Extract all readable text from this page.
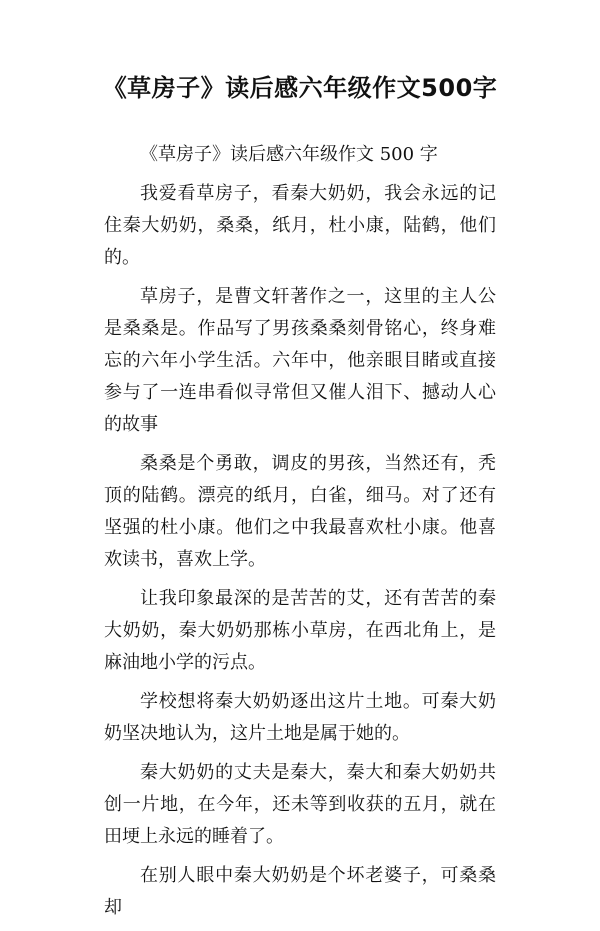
《草房子》读后感六年级作文500字

《草房子》读后感六年级作文 500 字

我爱看草房子，看秦大奶奶，我会永远的记住秦大奶奶，桑桑，纸月，杜小康，陆鹤，他们的。

草房子，是曹文轩著作之一，这里的主人公是桑桑是。作品写了男孩桑桑刻骨铭心，终身难忘的六年小学生活。六年中，他亲眼目睹或直接参与了一连串看似寻常但又催人泪下、撼动人心的故事

桑桑是个勇敢，调皮的男孩，当然还有，秃顶的陆鹤。漂亮的纸月，白雀，细马。对了还有坚强的杜小康。他们之中我最喜欢杜小康。他喜欢读书，喜欢上学。

让我印象最深的是苦苦的艾，还有苦苦的秦大奶奶，秦大奶奶那栋小草房，在西北角上，是麻油地小学的污点。

学校想将秦大奶奶逐出这片土地。可秦大奶奶坚决地认为，这片土地是属于她的。

秦大奶奶的丈夫是秦大，秦大和秦大奶奶共创一片地，在今年，还未等到收获的五月，就在田埂上永远的睡着了。

在别人眼中秦大奶奶是个坏老婆子，可桑桑却
